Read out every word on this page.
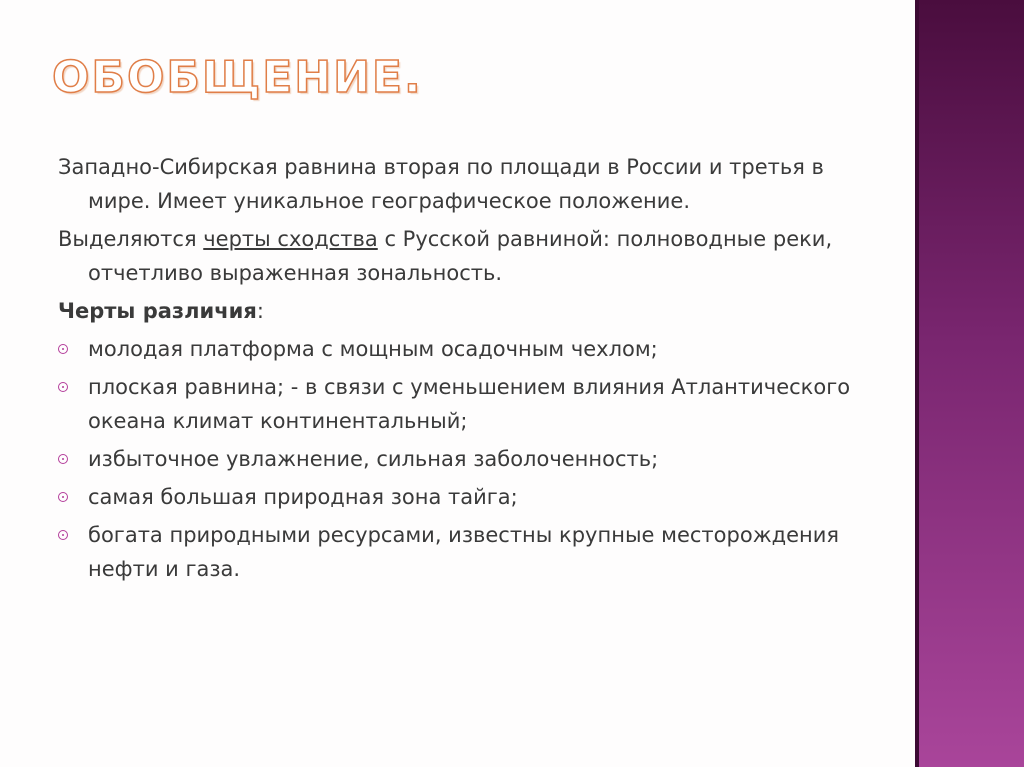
ОБОБЩЕНИЕ.

Западно-Сибирская равнина вторая по площади в России и третья в мире. Имеет уникальное географическое положение.

Выделяются черты сходства с Русской равниной: полноводные реки, отчетливо выраженная зональность.

Черты различия:

молодая платформа с мощным осадочным чехлом;
плоская равнина; - в связи с уменьшением влияния Атлантического океана климат континентальный;
избыточное увлажнение, сильная заболоченность;
самая большая природная зона тайга;
богата природными ресурсами, известны крупные месторождения нефти и газа.
